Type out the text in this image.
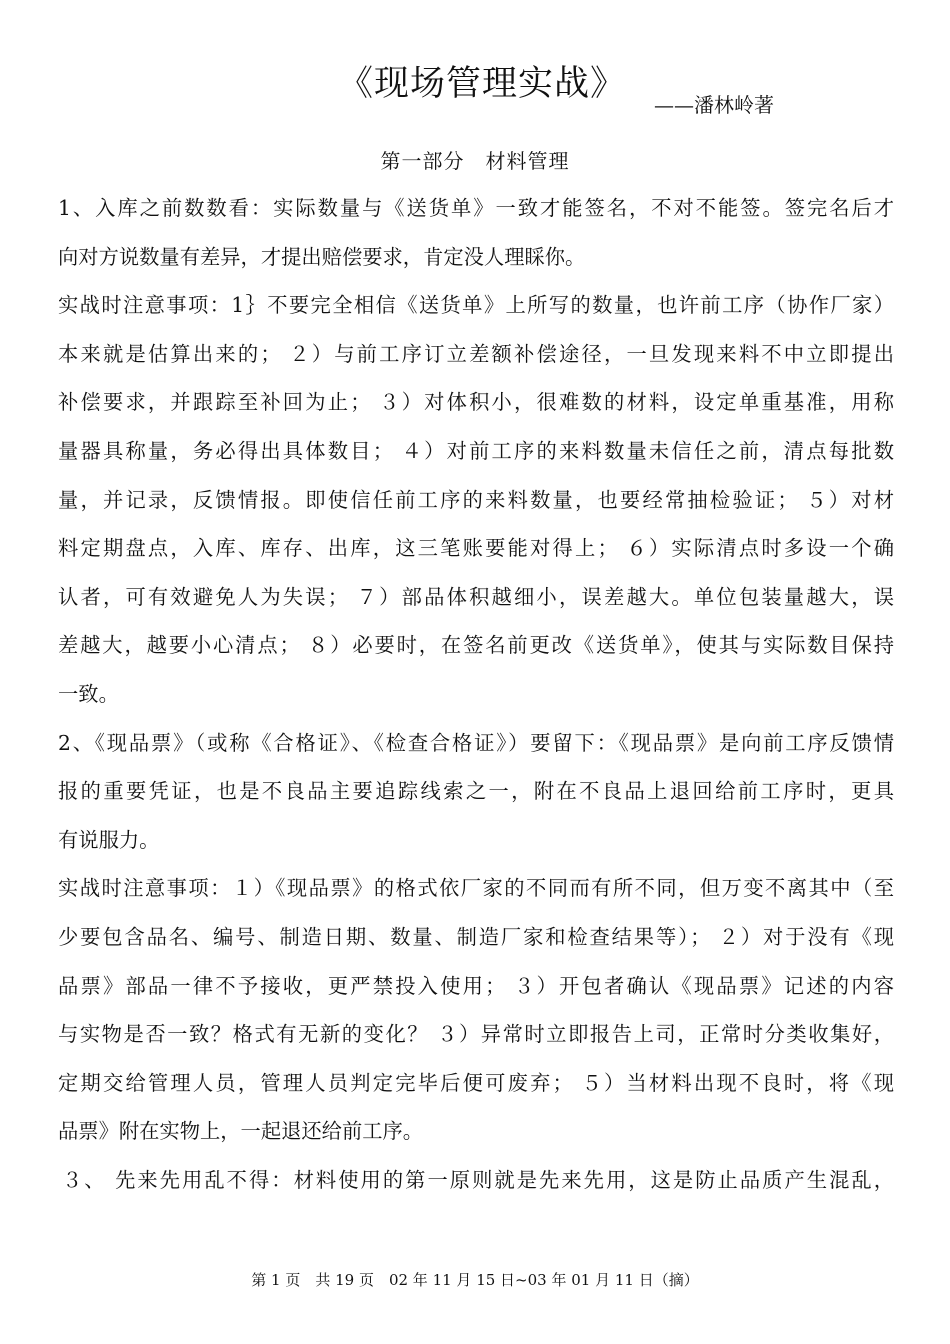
《现场管理实战》
——潘林岭著
第一部分　材料管理
1、入库之前数数看：实际数量与《送货单》一致才能签名，不对不能签。签完名后才
向对方说数量有差异，才提出赔偿要求，肯定没人理睬你。
实战时注意事项：1｝不要完全相信《送货单》上所写的数量，也许前工序（协作厂家）
本来就是估算出来的； ２）与前工序订立差额补偿途径，一旦发现来料不中立即提出
补偿要求，并跟踪至补回为止； ３）对体积小，很难数的材料，设定单重基准，用称
量器具称量，务必得出具体数目； ４）对前工序的来料数量未信任之前，清点每批数
量，并记录，反馈情报。即使信任前工序的来料数量，也要经常抽检验证； ５）对材
料定期盘点，入库、库存、出库，这三笔账要能对得上； ６）实际清点时多设一个确
认者，可有效避免人为失误； ７）部品体积越细小，误差越大。单位包装量越大，误
差越大，越要小心清点； ８）必要时，在签名前更改《送货单》，使其与实际数目保持
一致。
2、《现品票》（或称《合格证》、《检查合格证》）要留下：《现品票》是向前工序反馈情
报的重要凭证，也是不良品主要追踪线索之一，附在不良品上退回给前工序时，更具
有说服力。
实战时注意事项：１）《现品票》的格式依厂家的不同而有所不同，但万变不离其中（至
少要包含品名、编号、制造日期、数量、制造厂家和检查结果等）； ２）对于没有《现
品票》部品一律不予接收，更严禁投入使用； ３）开包者确认《现品票》记述的内容
与实物是否一致？格式有无新的变化？ ３）异常时立即报告上司，正常时分类收集好，
定期交给管理人员，管理人员判定完毕后便可废弃； ５）当材料出现不良时，将《现
品票》附在实物上，一起退还给前工序。
３、 先来先用乱不得：材料使用的第一原则就是先来先用，这是防止品质产生混乱，
第 1 页　共 19 页　02 年 11 月 15 日~03 年 01 月 11 日（摘）
